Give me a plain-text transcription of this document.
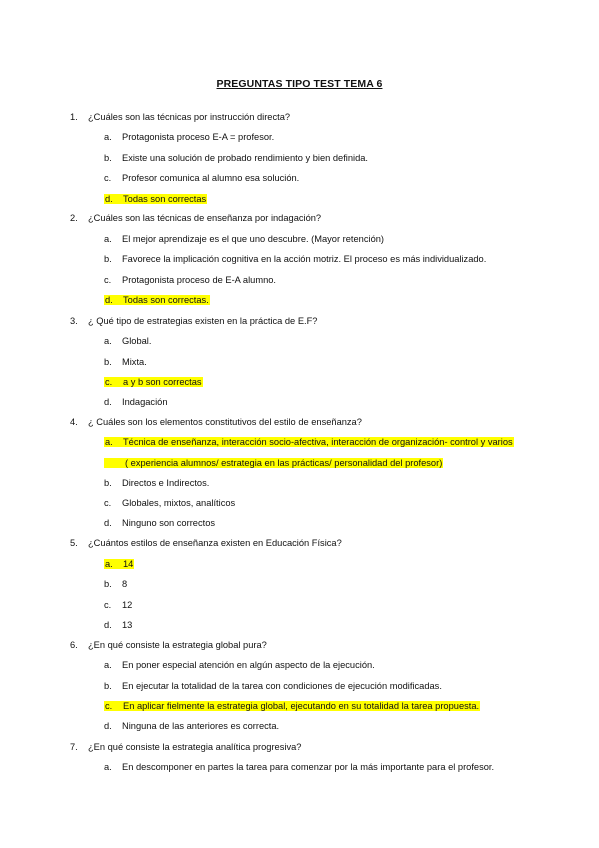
PREGUNTAS TIPO TEST TEMA 6
1. ¿Cuáles son las técnicas por instrucción directa?
a. Protagonista proceso E-A = profesor.
b. Existe una solución de probado rendimiento y bien definida.
c. Profesor comunica al alumno esa solución.
d. Todas son correctas
2. ¿Cuáles son las técnicas de enseñanza por indagación?
a. El mejor aprendizaje es el que uno descubre. (Mayor retención)
b. Favorece la implicación cognitiva en la acción motriz. El proceso es más individualizado.
c. Protagonista proceso de E-A alumno.
d. Todas son correctas.
3. ¿ Qué tipo de estrategias existen en la práctica de E.F?
a. Global.
b. Mixta.
c. a y b son correctas
d. Indagación
4. ¿ Cuáles son los elementos constitutivos del estilo de enseñanza?
a. Técnica de enseñanza, interacción socio-afectiva, interacción de organización- control y varios
( experiencia alumnos/ estrategia en las prácticas/ personalidad del profesor)
b. Directos e Indirectos.
c. Globales, mixtos, analíticos
d. Ninguno son correctos
5. ¿Cuántos estilos de enseñanza existen en Educación Física?
a. 14
b. 8
c. 12
d. 13
6. ¿En qué consiste la estrategia global pura?
a. En poner especial atención en algún aspecto de la ejecución.
b. En ejecutar la totalidad de la tarea con condiciones de ejecución modificadas.
c. En aplicar fielmente la estrategia global, ejecutando en su totalidad la tarea propuesta.
d. Ninguna de las anteriores es correcta.
7. ¿En qué consiste la estrategia analítica progresiva?
a. En descomponer en partes la tarea para comenzar por la más importante para el profesor.
